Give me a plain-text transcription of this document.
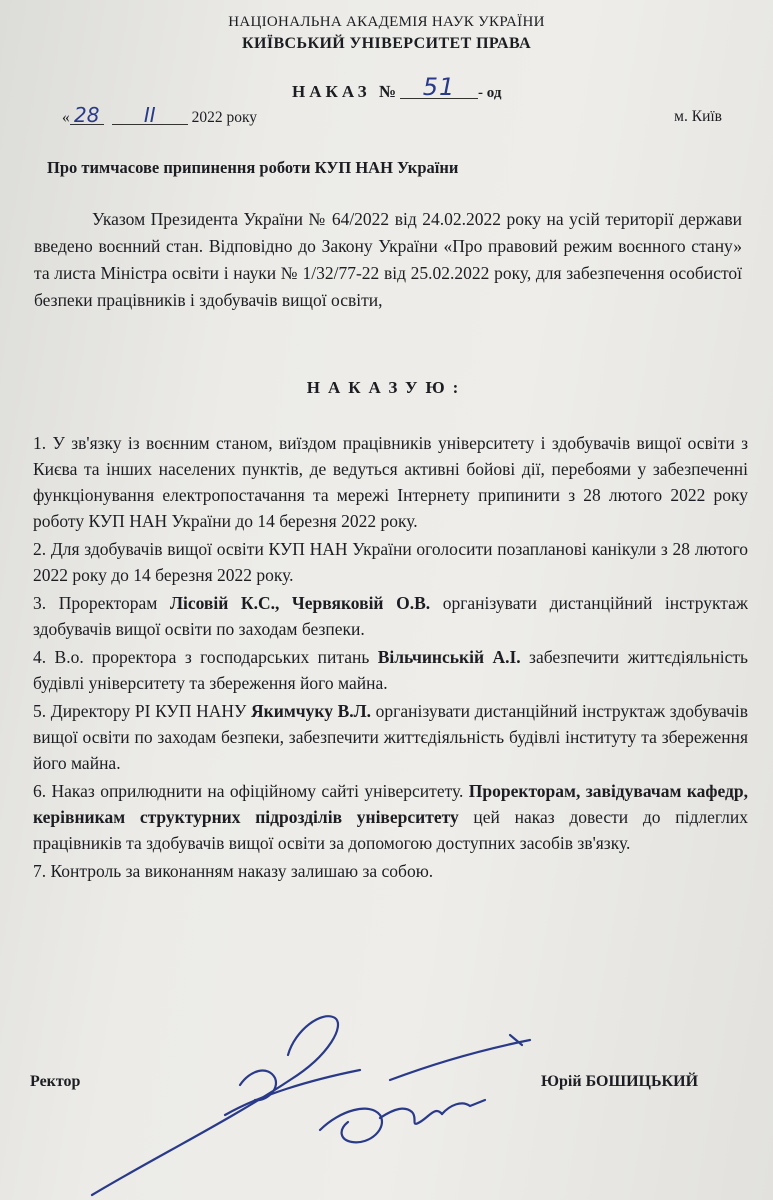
НАЦІОНАЛЬНА АКАДЕМІЯ НАУК УКРАЇНИ
КИЇВСЬКИЙ УНІВЕРСИТЕТ ПРАВА
НАКАЗ № 51 - од
« 28 II 2022 року	м. Київ
Про тимчасове припинення роботи КУП НАН України
Указом Президента України № 64/2022 від 24.02.2022 року на усій території держави введено воєнний стан. Відповідно до Закону України «Про правовий режим воєнного стану» та листа Міністра освіти і науки № 1/32/77-22 від 25.02.2022 року, для забезпечення особистої безпеки працівників і здобувачів вищої освіти,
НАКАЗУЮ:

1. У зв'язку із воєнним станом, виїздом працівників університету і здобувачів вищої освіти з Києва та інших населених пунктів, де ведуться активні бойові дії, перебоями у забезпеченні функціонування електропостачання та мережі Інтернету припинити з 28 лютого 2022 року роботу КУП НАН України до 14 березня 2022 року.

2. Для здобувачів вищої освіти КУП НАН України оголосити позапланові канікули з 28 лютого 2022 року до 14 березня 2022 року.

3. Проректорам Лісовій К.С., Червяковій О.В. організувати дистанційний інструктаж здобувачів вищої освіти по заходам безпеки.

4. В.о. проректора з господарських питань Вільчинській А.І. забезпечити життєдіяльність будівлі університету та збереження його майна.

5. Директору РІ КУП НАНУ Якимчуку В.Л. організувати дистанційний інструктаж здобувачів вищої освіти по заходам безпеки, забезпечити життєдіяльність будівлі інституту та збереження його майна.

6. Наказ оприлюднити на офіційному сайті університету. Проректорам, завідувачам кафедр, керівникам структурних підрозділів університету цей наказ довести до підлеглих працівників та здобувачів вищої освіти за допомогою доступних засобів зв'язку.

7. Контроль за виконанням наказу залишаю за собою.

Ректор	Юрій БОШИЦЬКИЙ
